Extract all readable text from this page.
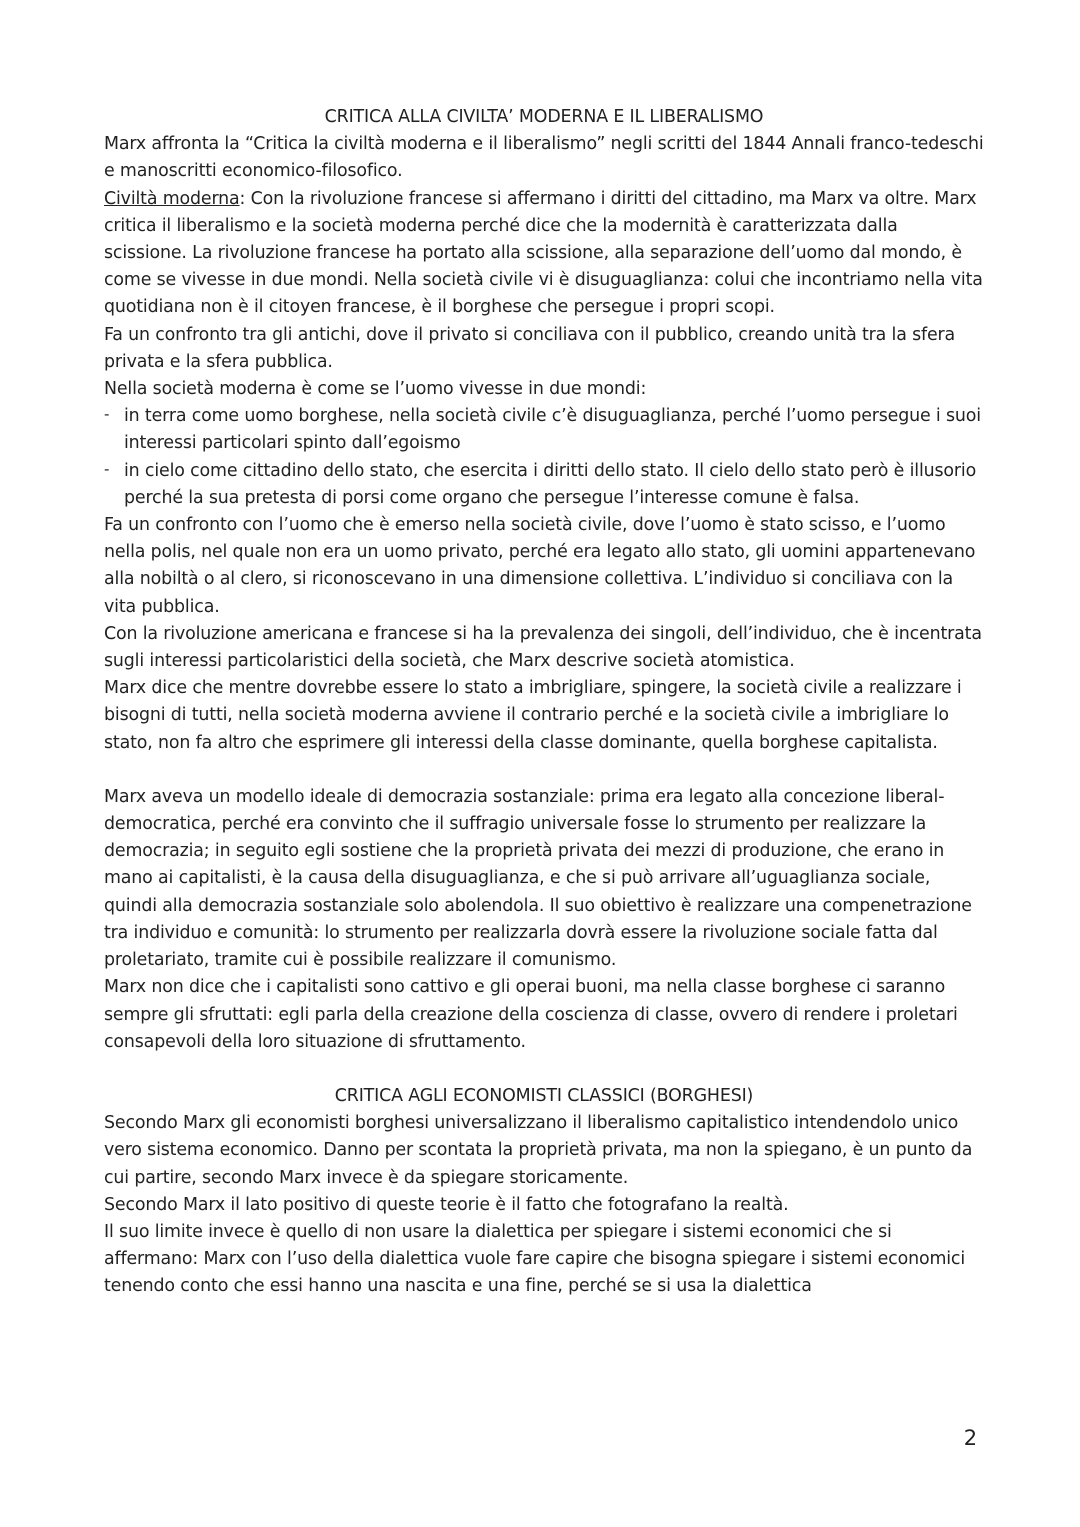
CRITICA ALLA CIVILTA’ MODERNA E IL LIBERALISMO

Marx affronta la “Critica la civiltà moderna e il liberalismo” negli scritti del 1844 Annali franco-tedeschi e manoscritti economico-filosofico.

Civiltà moderna: Con la rivoluzione francese si affermano i diritti del cittadino, ma Marx va oltre. Marx critica il liberalismo e la società moderna perché dice che la modernità è caratterizzata dalla scissione. La rivoluzione francese ha portato alla scissione, alla separazione dell’uomo dal mondo, è come se vivesse in due mondi. Nella società civile vi è disuguaglianza: colui che incontriamo nella vita quotidiana non è il citoyen francese, è il borghese che persegue i propri scopi.

Fa un confronto tra gli antichi, dove il privato si conciliava con il pubblico, creando unità tra la sfera privata e la sfera pubblica.

Nella società moderna è come se l’uomo vivesse in due mondi:

- in terra come uomo borghese, nella società civile c’è disuguaglianza, perché l’uomo persegue i suoi interessi particolari spinto dall’egoismo
- in cielo come cittadino dello stato, che esercita i diritti dello stato. Il cielo dello stato però è illusorio perché la sua pretesta di porsi come organo che persegue l’interesse comune è falsa.

Fa un confronto con l’uomo che è emerso nella società civile, dove l’uomo è stato scisso, e l’uomo nella polis, nel quale non era un uomo privato, perché era legato allo stato, gli uomini appartenevano alla nobiltà o al clero, si riconoscevano in una dimensione collettiva. L’individuo si conciliava con la vita pubblica.

Con la rivoluzione americana e francese si ha la prevalenza dei singoli, dell’individuo, che è incentrata sugli interessi particolaristici della società, che Marx descrive società atomistica.

Marx dice che mentre dovrebbe essere lo stato a imbrigliare, spingere, la società civile a realizzare i bisogni di tutti, nella società moderna avviene il contrario perché e la società civile a imbrigliare lo stato, non fa altro che esprimere gli interessi della classe dominante, quella borghese capitalista.

Marx aveva un modello ideale di democrazia sostanziale: prima era legato alla concezione liberal-democratica, perché era convinto che il suffragio universale fosse lo strumento per realizzare la democrazia; in seguito egli sostiene che la proprietà privata dei mezzi di produzione, che erano in mano ai capitalisti, è la causa della disuguaglianza, e che si può arrivare all’uguaglianza sociale, quindi alla democrazia sostanziale solo abolendola. Il suo obiettivo è realizzare una compenetrazione tra individuo e comunità: lo strumento per realizzarla dovrà essere la rivoluzione sociale fatta dal proletariato, tramite cui è possibile realizzare il comunismo.

Marx non dice che i capitalisti sono cattivo e gli operai buoni, ma nella classe borghese ci saranno sempre gli sfruttati: egli parla della creazione della coscienza di classe, ovvero di rendere i proletari consapevoli della loro situazione di sfruttamento.

CRITICA AGLI ECONOMISTI CLASSICI (BORGHESI)

Secondo Marx gli economisti borghesi universalizzano il liberalismo capitalistico intendendolo unico vero sistema economico. Danno per scontata la proprietà privata, ma non la spiegano, è un punto da cui partire, secondo Marx invece è da spiegare storicamente.

Secondo Marx il lato positivo di queste teorie è il fatto che fotografano la realtà.

Il suo limite invece è quello di non usare la dialettica per spiegare i sistemi economici che si affermano: Marx con l’uso della dialettica vuole fare capire che bisogna spiegare i sistemi economici tenendo conto che essi hanno una nascita e una fine, perché se si usa la dialettica

2
